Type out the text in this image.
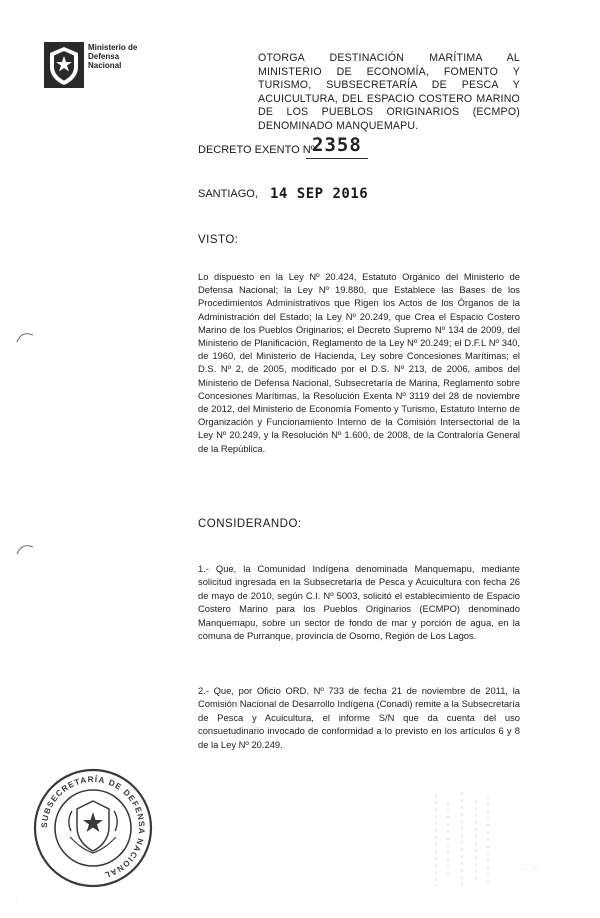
Ministerio de
Defensa
Nacional
OTORGA DESTINACIÓN MARÍTIMA AL MINISTERIO DE ECONOMÍA, FOMENTO Y TURISMO, SUBSECRETARÍA DE PESCA Y ACUICULTURA, DEL ESPACIO COSTERO MARINO DE LOS PUEBLOS ORIGINARIOS (ECMPO) DENOMINADO MANQUEMAPU.
DECRETO EXENTO Nº
2358
SANTIAGO, 14 SEP 2016
VISTO:
Lo dispuesto en la Ley Nº 20.424, Estatuto Orgánico del Ministerio de Defensa Nacional; la Ley Nº 19.880, que Establece las Bases de los Procedimientos Administrativos que Rigen los Actos de los Órganos de la Administración del Estado; la Ley Nº 20.249, que Crea el Espacio Costero Marino de los Pueblos Originarios; el Decreto Supremo Nº 134 de 2009, del Ministerio de Planificación, Reglamento de la Ley Nº 20.249; el D.F.L Nº 340, de 1960, del Ministerio de Hacienda, Ley sobre Concesiones Marítimas; el D.S. Nº 2, de 2005, modificado por el D.S. Nº 213, de 2006, ambos del Ministerio de Defensa Nacional, Subsecretaría de Marina, Reglamento sobre Concesiones Marítimas, la Resolución Exenta Nº 3119 del 28 de noviembre de 2012, del Ministerio de Economía Fomento y Turismo, Estatuto Interno de Organización y Funcionamiento Interno de la Comisión Intersectorial de la Ley Nº 20.249, y la Resolución Nº 1.600, de 2008, de la Contraloría General de la República.
CONSIDERANDO:
1.- Que, la Comunidad Indígena denominada Manquemapu, mediante solicitud ingresada en la Subsecretaría de Pesca y Acuicultura con fecha 26 de mayo de 2010, según C.I. Nº 5003, solicitó el establecimiento de Espacio Costero Marino para los Pueblos Originarios (ECMPO) denominado Manquemapu, sobre un sector de fondo de mar y porción de agua, en la comuna de Purranque, provincia de Osorno, Región de Los Lagos.
2.- Que, por Oficio ORD. Nº 733 de fecha 21 de noviembre de 2011, la Comisión Nacional de Desarrollo Indígena (Conadi) remite a la Subsecretaría de Pesca y Acuicultura, el informe S/N que da cuenta del uso consuetudinario invocado de conformidad a lo previsto en los artículos 6 y 8 de la Ley Nº 20.249.
SUBSECRETARÍA DE DEFENSA NACIONAL	·· ··
·
